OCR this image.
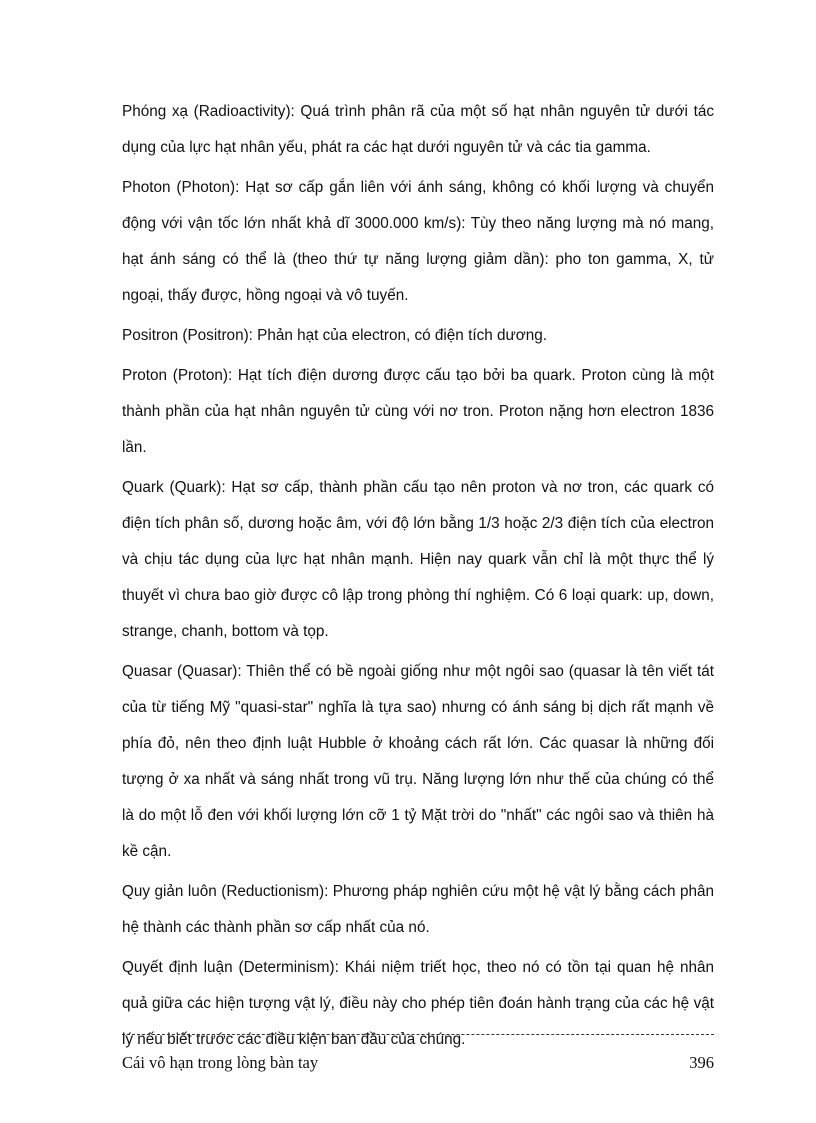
Phóng xạ (Radioactivity): Quá trình phân rã của một số hạt nhân nguyên tử dưới tác dụng của lực hạt nhân yếu, phát ra các hạt dưới nguyên tử và các tia gamma.

Photon (Photon): Hạt sơ cấp gắn liên với ánh sáng, không có khối lượng và chuyển động với vận tốc lớn nhất khả dĩ 3000.000 km/s): Tùy theo năng lượng mà nó mang, hạt ánh sáng có thể là (theo thứ tự năng lượng giảm dần): pho ton gamma, X, tử ngoại, thấy được, hồng ngoại và vô tuyến.

Positron (Positron): Phản hạt của electron, có điện tích dương.

Proton (Proton): Hạt tích điện dương được cấu tạo bởi ba quark. Proton cùng là một thành phần của hạt nhân nguyên tử cùng với nơ tron. Proton nặng hơn electron 1836 lần.

Quark (Quark): Hạt sơ cấp, thành phần cấu tạo nên proton và nơ tron, các quark có điện tích phân số, dương hoặc âm, với độ lớn bằng 1/3 hoặc 2/3 điện tích của electron và chịu tác dụng của lực hạt nhân mạnh. Hiện nay quark vẫn chỉ là một thực thể lý thuyết vì chưa bao giờ được cô lập trong phòng thí nghiệm. Có 6 loại quark: up, down, strange, chanh, bottom và tọp.

Quasar (Quasar): Thiên thể có bề ngoài giống như một ngôi sao (quasar là tên viết tát của từ tiếng Mỹ "quasi-star" nghĩa là tựa sao) nhưng có ánh sáng bị dịch rất mạnh về phía đỏ, nên theo định luật Hubble ở khoảng cách rất lớn. Các quasar là những đối tượng ở xa nhất và sáng nhất trong vũ trụ. Năng lượng lớn như thế của chúng có thể là do một lỗ đen với khối lượng lớn cỡ 1 tỷ Mặt trời do "nhất" các ngôi sao và thiên hà kề cận.

Quy giản luôn (Reductionism): Phương pháp nghiên cứu một hệ vật lý bằng cách phân hệ thành các thành phần sơ cấp nhất của nó.

Quyết định luận (Determinism): Khái niệm triết học, theo nó có tồn tại quan hệ nhân quả giữa các hiện tượng vật lý, điều này cho phép tiên đoán hành trạng của các hệ vật lý nếu biết trước các điều kiện ban đầu của chúng.

Cái vô hạn trong lòng bàn tay	396
